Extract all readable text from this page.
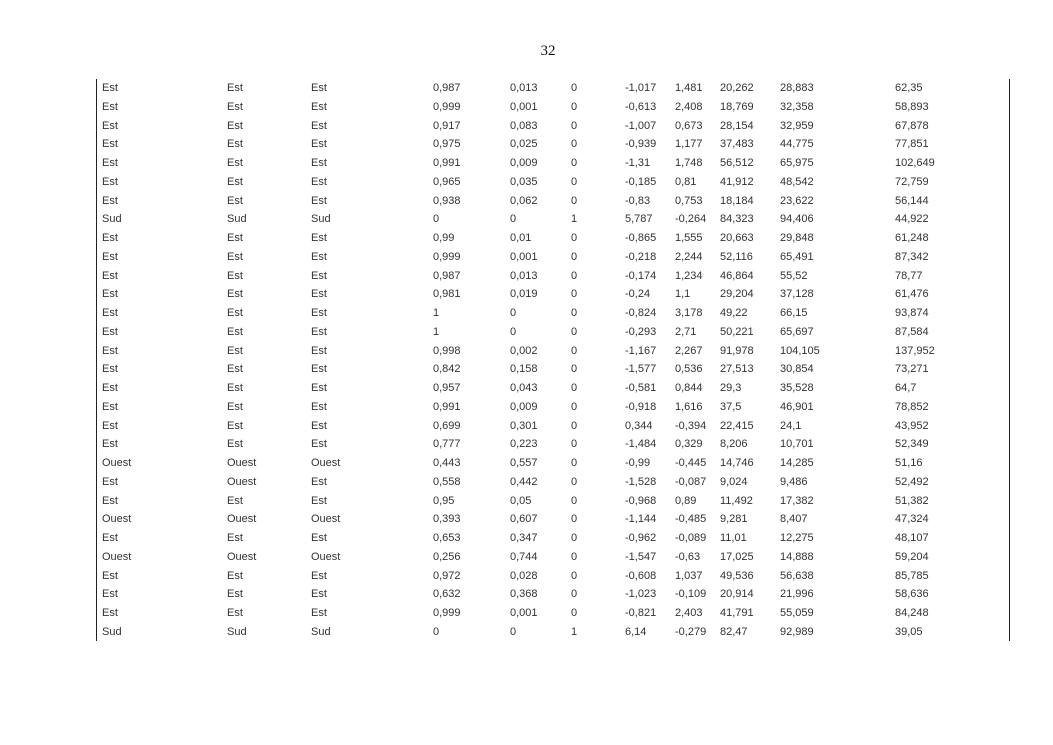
32
Est	Est	Est	0,987	0,013	0	-1,017 1,481 20,262 28,883	62,35
Est	Est	Est	0,999	0,001	0	-0,613 2,408 18,769 32,358	58,893
Est	Est	Est	0,917	0,083	0	-1,007 0,673 28,154 32,959	67,878
Est	Est	Est	0,975	0,025	0	-0,939 1,177 37,483 44,775	77,851
Est	Est	Est	0,991	0,009	0	-1,31 1,748 56,512 65,975	102,649
Est	Est	Est	0,965	0,035	0	-0,185 0,81 41,912 48,542	72,759
Est	Est	Est	0,938	0,062	0	-0,83 0,753 18,184 23,622	56,144
Sud	Sud	Sud	0	0	1	5,787 -0,264 84,323 94,406	44,922
Est	Est	Est	0,99	0,01	0	-0,865 1,555 20,663 29,848	61,248
Est	Est	Est	0,999	0,001	0	-0,218 2,244 52,116 65,491	87,342
Est	Est	Est	0,987	0,013	0	-0,174 1,234 46,864 55,52	78,77
Est	Est	Est	0,981	0,019	0	-0,24 1,1	29,204 37,128	61,476
Est	Est	Est	1	0	0	-0,824 3,178 49,22	66,15	93,874
Est	Est	Est	1	0	0	-0,293 2,71 50,221 65,697	87,584
Est	Est	Est	0,998	0,002	0	-1,167 2,267 91,978 104,105	137,952
Est	Est	Est	0,842	0,158	0	-1,577 0,536 27,513 30,854	73,271
Est	Est	Est	0,957	0,043	0	-0,581 0,844 29,3	35,528	64,7
Est	Est	Est	0,991	0,009	0	-0,918 1,616 37,5	46,901	78,852
Est	Est	Est	0,699	0,301	0	0,344 -0,394 22,415 24,1	43,952
Est	Est	Est	0,777	0,223	0	-1,484 0,329 8,206	10,701	52,349
Ouest	Ouest	Ouest	0,443	0,557	0	-0,99 -0,445 14,746 14,285	51,16
Est	Ouest	Est	0,558	0,442	0	-1,528 -0,087 9,024	9,486	52,492
Est	Est	Est	0,95	0,05	0	-0,968 0,89 11,492 17,382	51,382
Ouest	Ouest	Ouest	0,393	0,607	0	-1,144 -0,485 9,281	8,407	47,324
Est	Est	Est	0,653	0,347	0	-0,962 -0,089 11,01	12,275	48,107
Ouest	Ouest	Ouest	0,256	0,744	0	-1,547 -0,63 17,025 14,888	59,204
Est	Est	Est	0,972	0,028	0	-0,608 1,037 49,536 56,638	85,785
Est	Est	Est	0,632	0,368	0	-1,023 -0,109 20,914 21,996	58,636
Est	Est	Est	0,999	0,001	0	-0,821 2,403 41,791 55,059	84,248
Sud	Sud	Sud	0	0	1	6,14	-0,279 82,47	92,989	39,05
